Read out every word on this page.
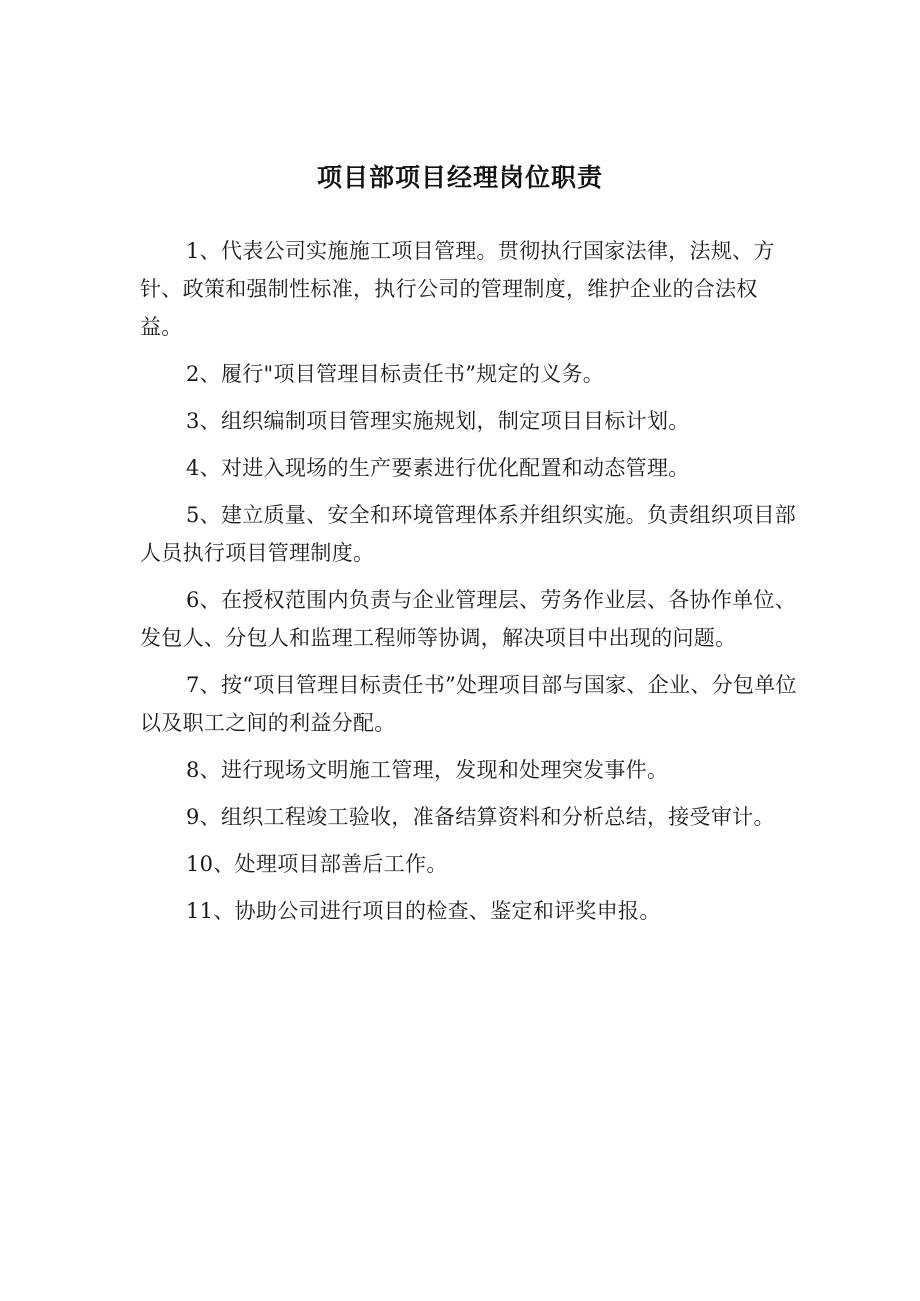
项目部项目经理岗位职责

1、代表公司实施施工项目管理。贯彻执行国家法律，法规、方针、政策和强制性标准，执行公司的管理制度，维护企业的合法权益。

2、履行"项目管理目标责任书”规定的义务。

3、组织编制项目管理实施规划，制定项目目标计划。

4、对进入现场的生产要素进行优化配置和动态管理。

5、建立质量、安全和环境管理体系并组织实施。负责组织项目部人员执行项目管理制度。

6、在授权范围内负责与企业管理层、劳务作业层、各协作单位、发包人、分包人和监理工程师等协调，解决项目中出现的问题。

7、按“项目管理目标责任书”处理项目部与国家、企业、分包单位以及职工之间的利益分配。

8、进行现场文明施工管理，发现和处理突发事件。

9、组织工程竣工验收，准备结算资料和分析总结，接受审计。

10、处理项目部善后工作。

11、协助公司进行项目的检查、鉴定和评奖申报。
